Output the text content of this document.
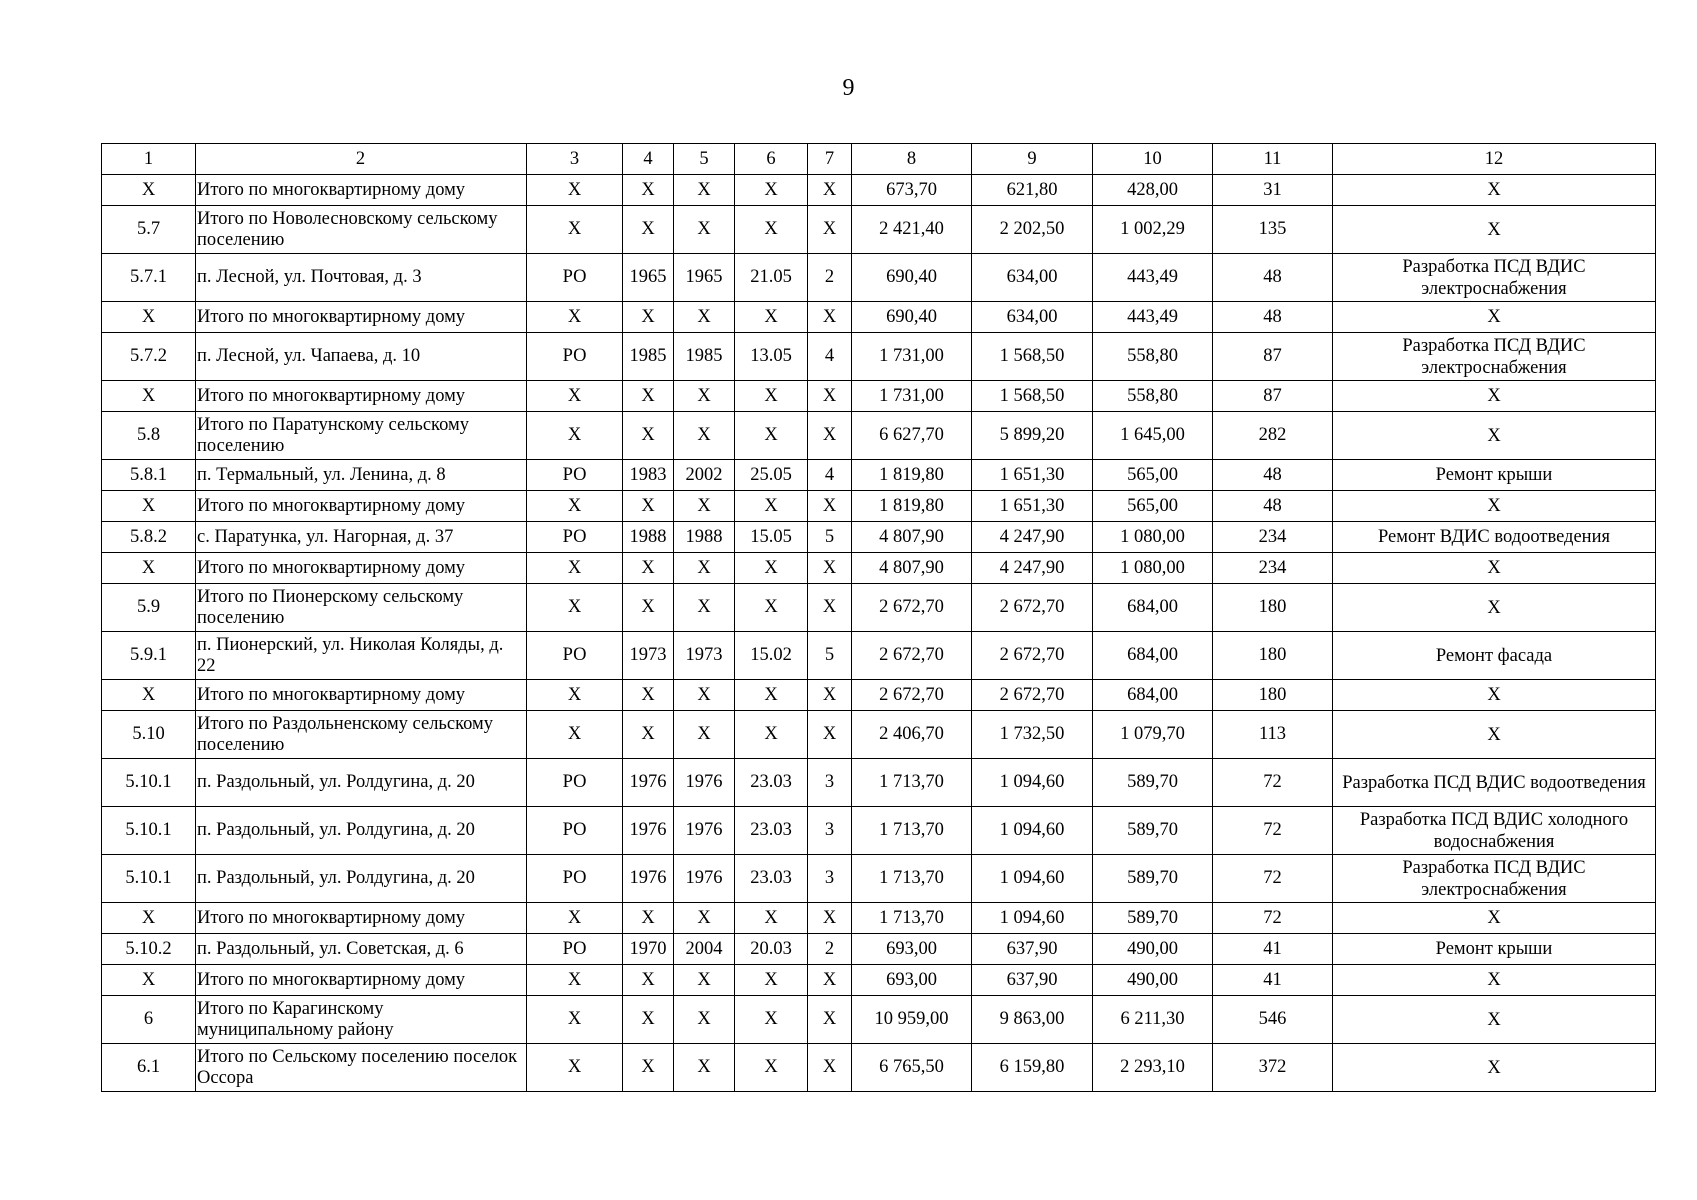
9
1	2	3	4	5	6	7	8	9	10	11	12
Х	Итого по многоквартирному дому	Х	Х	Х	Х	Х	673,70	621,80	428,00	31	Х
5.7	Итого по Новолесновскому сельскому поселению	Х	Х	Х	Х	Х	2 421,40	2 202,50	1 002,29	135	Х
5.7.1	п. Лесной, ул. Почтовая, д. 3	РО	1965	1965	21.05	2	690,40	634,00	443,49	48	Разработка ПСД ВДИС электроснабжения
Х	Итого по многоквартирному дому	Х	Х	Х	Х	Х	690,40	634,00	443,49	48	Х
5.7.2	п. Лесной, ул. Чапаева, д. 10	РО	1985	1985	13.05	4	1 731,00	1 568,50	558,80	87	Разработка ПСД ВДИС электроснабжения
Х	Итого по многоквартирному дому	Х	Х	Х	Х	Х	1 731,00	1 568,50	558,80	87	Х
5.8	Итого по Паратунскому сельскому поселению	Х	Х	Х	Х	Х	6 627,70	5 899,20	1 645,00	282	Х
5.8.1	п. Термальный, ул. Ленина, д. 8	РО	1983	2002	25.05	4	1 819,80	1 651,30	565,00	48	Ремонт крыши
Х	Итого по многоквартирному дому	Х	Х	Х	Х	Х	1 819,80	1 651,30	565,00	48	Х
5.8.2	с. Паратунка, ул. Нагорная, д. 37	РО	1988	1988	15.05	5	4 807,90	4 247,90	1 080,00	234	Ремонт ВДИС водоотведения
Х	Итого по многоквартирному дому	Х	Х	Х	Х	Х	4 807,90	4 247,90	1 080,00	234	Х
5.9	Итого по Пионерскому сельскому поселению	Х	Х	Х	Х	Х	2 672,70	2 672,70	684,00	180	Х
5.9.1	п. Пионерский, ул. Николая Коляды, д. 22	РО	1973	1973	15.02	5	2 672,70	2 672,70	684,00	180	Ремонт фасада
Х	Итого по многоквартирному дому	Х	Х	Х	Х	Х	2 672,70	2 672,70	684,00	180	Х
5.10	Итого по Раздольненскому сельскому поселению	Х	Х	Х	Х	Х	2 406,70	1 732,50	1 079,70	113	Х
5.10.1	п. Раздольный, ул. Ролдугина, д. 20	РО	1976	1976	23.03	3	1 713,70	1 094,60	589,70	72	Разработка ПСД ВДИС водоотведения
5.10.1	п. Раздольный, ул. Ролдугина, д. 20	РО	1976	1976	23.03	3	1 713,70	1 094,60	589,70	72	Разработка ПСД ВДИС холодного водоснабжения
5.10.1	п. Раздольный, ул. Ролдугина, д. 20	РО	1976	1976	23.03	3	1 713,70	1 094,60	589,70	72	Разработка ПСД ВДИС электроснабжения
Х	Итого по многоквартирному дому	Х	Х	Х	Х	Х	1 713,70	1 094,60	589,70	72	Х
5.10.2	п. Раздольный, ул. Советская, д. 6	РО	1970	2004	20.03	2	693,00	637,90	490,00	41	Ремонт крыши
Х	Итого по многоквартирному дому	Х	Х	Х	Х	Х	693,00	637,90	490,00	41	Х
6	Итого по Карагинскому муниципальному району	Х	Х	Х	Х	Х	10 959,00	9 863,00	6 211,30	546	Х
6.1	Итого по Сельскому поселению поселок Оссора	Х	Х	Х	Х	Х	6 765,50	6 159,80	2 293,10	372	Х
